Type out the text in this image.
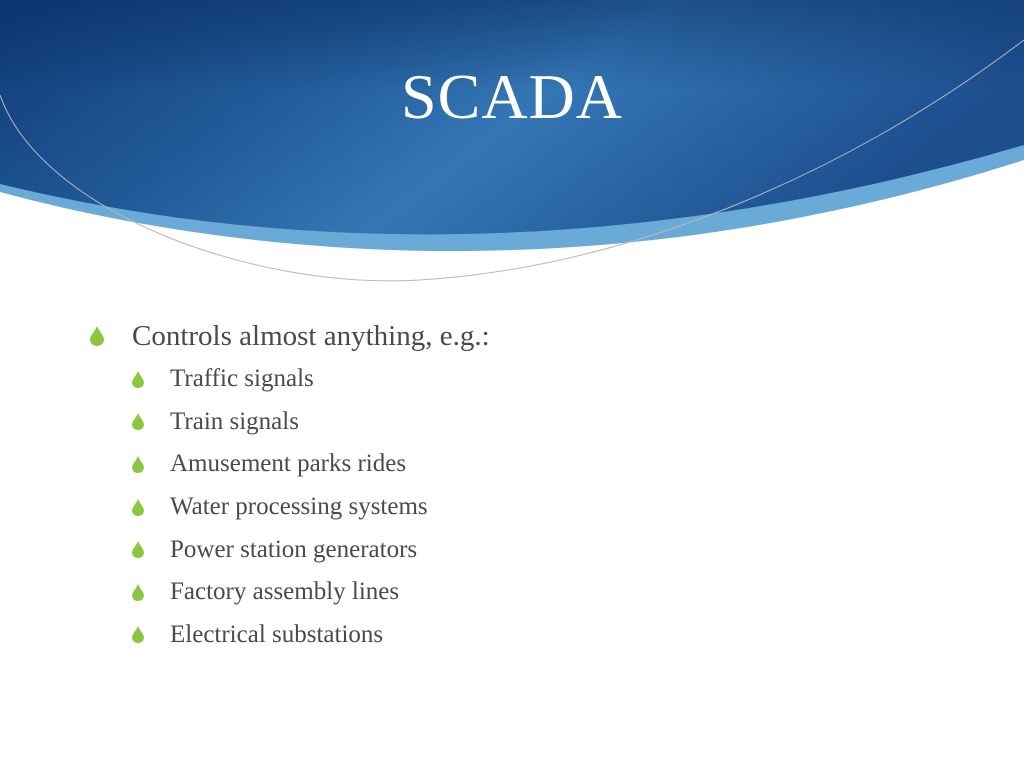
SCADA
Controls almost anything, e.g.:
Traffic signals
Train signals
Amusement parks rides
Water processing systems
Power station generators
Factory assembly lines
Electrical substations
